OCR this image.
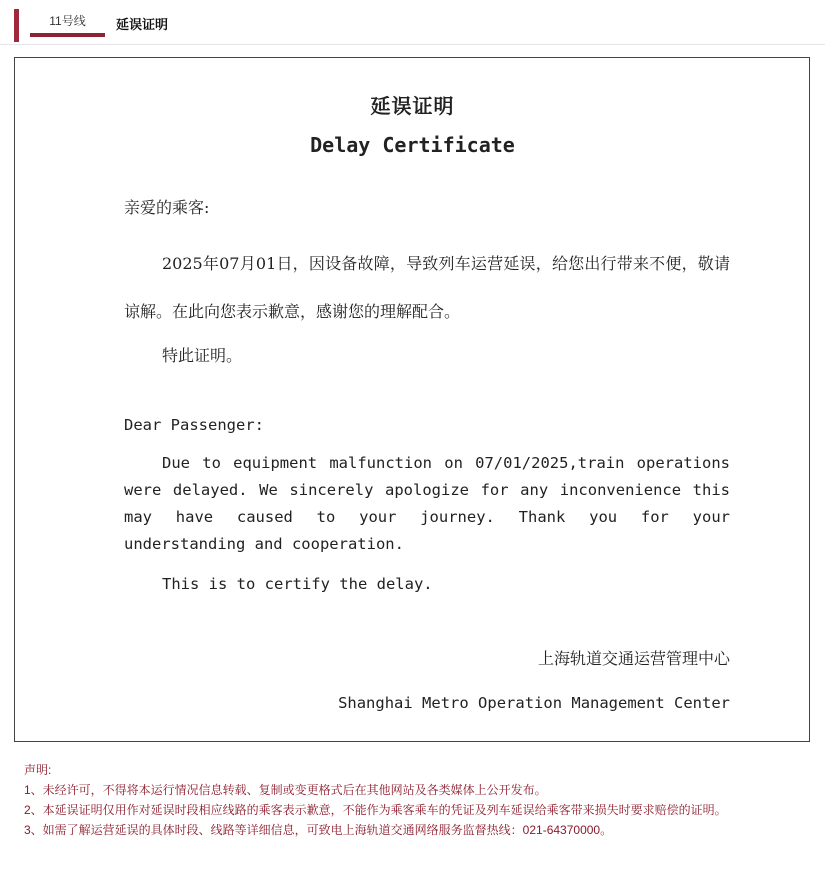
11号线	延误证明
延误证明
Delay Certificate
亲爱的乘客:
2025年07月01日，因设备故障，导致列车运营延误，给您出行带来不便，敬请谅解。在此向您表示歉意，感谢您的理解配合。
特此证明。
Dear Passenger:
Due to equipment malfunction on 07/01/2025,train operations were delayed. We sincerely apologize for any inconvenience this may have caused to your journey. Thank you for your understanding and cooperation.
This is to certify the delay.
上海轨道交通运营管理中心
Shanghai Metro Operation Management Center
声明:
1、未经许可，不得将本运行情况信息转载、复制或变更格式后在其他网站及各类媒体上公开发布。
2、本延误证明仅用作对延误时段相应线路的乘客表示歉意，不能作为乘客乘车的凭证及列车延误给乘客带来损失时要求赔偿的证明。
3、如需了解运营延误的具体时段、线路等详细信息，可致电上海轨道交通网络服务监督热线：021-64370000。
